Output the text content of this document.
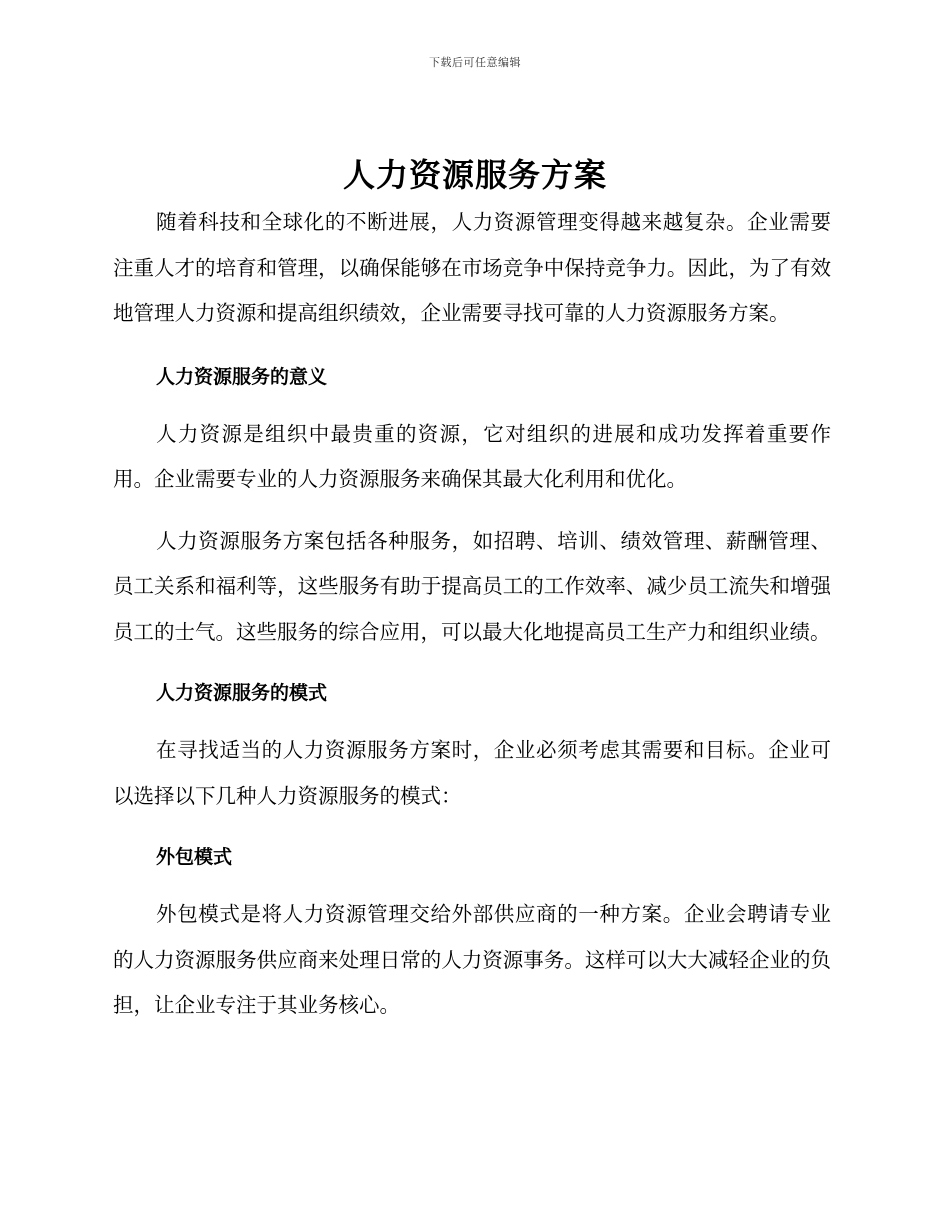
下载后可任意编辑
人力资源服务方案

随着科技和全球化的不断进展，人力资源管理变得越来越复杂。企业需要注重人才的培育和管理，以确保能够在市场竞争中保持竞争力。因此，为了有效地管理人力资源和提高组织绩效，企业需要寻找可靠的人力资源服务方案。

人力资源服务的意义

人力资源是组织中最贵重的资源，它对组织的进展和成功发挥着重要作用。企业需要专业的人力资源服务来确保其最大化利用和优化。

人力资源服务方案包括各种服务，如招聘、培训、绩效管理、薪酬管理、员工关系和福利等，这些服务有助于提高员工的工作效率、减少员工流失和增强员工的士气。这些服务的综合应用，可以最大化地提高员工生产力和组织业绩。

人力资源服务的模式

在寻找适当的人力资源服务方案时，企业必须考虑其需要和目标。企业可以选择以下几种人力资源服务的模式：

外包模式

外包模式是将人力资源管理交给外部供应商的一种方案。企业会聘请专业的人力资源服务供应商来处理日常的人力资源事务。这样可以大大减轻企业的负担，让企业专注于其业务核心。
